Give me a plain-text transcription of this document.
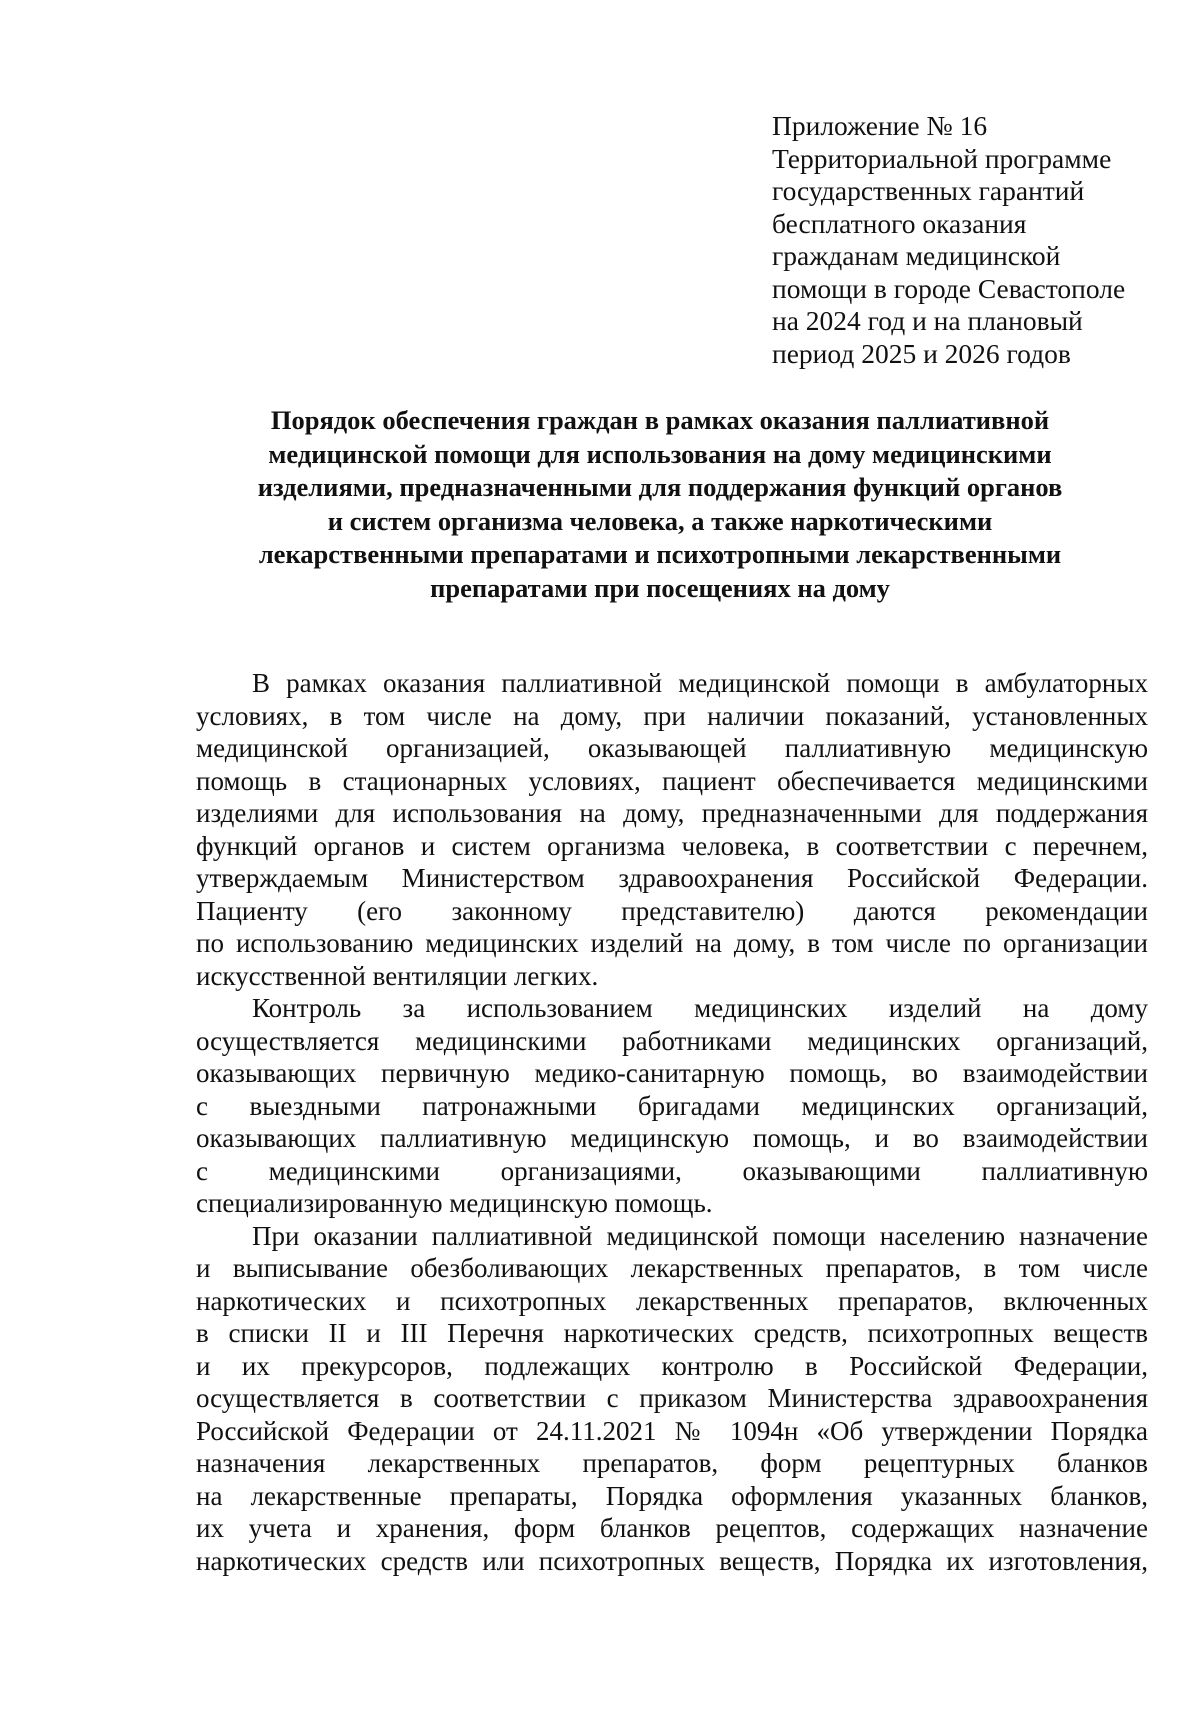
Приложение № 16
Территориальной программе
государственных гарантий
бесплатного оказания
гражданам медицинской
помощи в городе Севастополе
на 2024 год и на плановый
период 2025 и 2026 годов
Порядок обеспечения граждан в рамках оказания паллиативной
медицинской помощи для использования на дому медицинскими
изделиями, предназначенными для поддержания функций органов
и систем организма человека, а также наркотическими
лекарственными препаратами и психотропными лекарственными
препаратами при посещениях на дому
В рамках оказания паллиативной медицинской помощи в амбулаторных
условиях, в том числе на дому, при наличии показаний, установленных
медицинской организацией, оказывающей паллиативную медицинскую
помощь в стационарных условиях, пациент обеспечивается медицинскими
изделиями для использования на дому, предназначенными для поддержания
функций органов и систем организма человека, в соответствии с перечнем,
утверждаемым Министерством здравоохранения Российской Федерации.
Пациенту (его законному представителю) даются рекомендации
по использованию медицинских изделий на дому, в том числе по организации
искусственной вентиляции легких.
Контроль за использованием медицинских изделий на дому
осуществляется медицинскими работниками медицинских организаций,
оказывающих первичную медико-санитарную помощь, во взаимодействии
с выездными патронажными бригадами медицинских организаций,
оказывающих паллиативную медицинскую помощь, и во взаимодействии
с медицинскими организациями, оказывающими паллиативную
специализированную медицинскую помощь.
При оказании паллиативной медицинской помощи населению назначение
и выписывание обезболивающих лекарственных препаратов, в том числе
наркотических и психотропных лекарственных препаратов, включенных
в списки II и III Перечня наркотических средств, психотропных веществ
и их прекурсоров, подлежащих контролю в Российской Федерации,
осуществляется в соответствии с приказом Министерства здравоохранения
Российской Федерации от 24.11.2021 № 1094н «Об утверждении Порядка
назначения лекарственных препаратов, форм рецептурных бланков
на лекарственные препараты, Порядка оформления указанных бланков,
их учета и хранения, форм бланков рецептов, содержащих назначение
наркотических средств или психотропных веществ, Порядка их изготовления,
